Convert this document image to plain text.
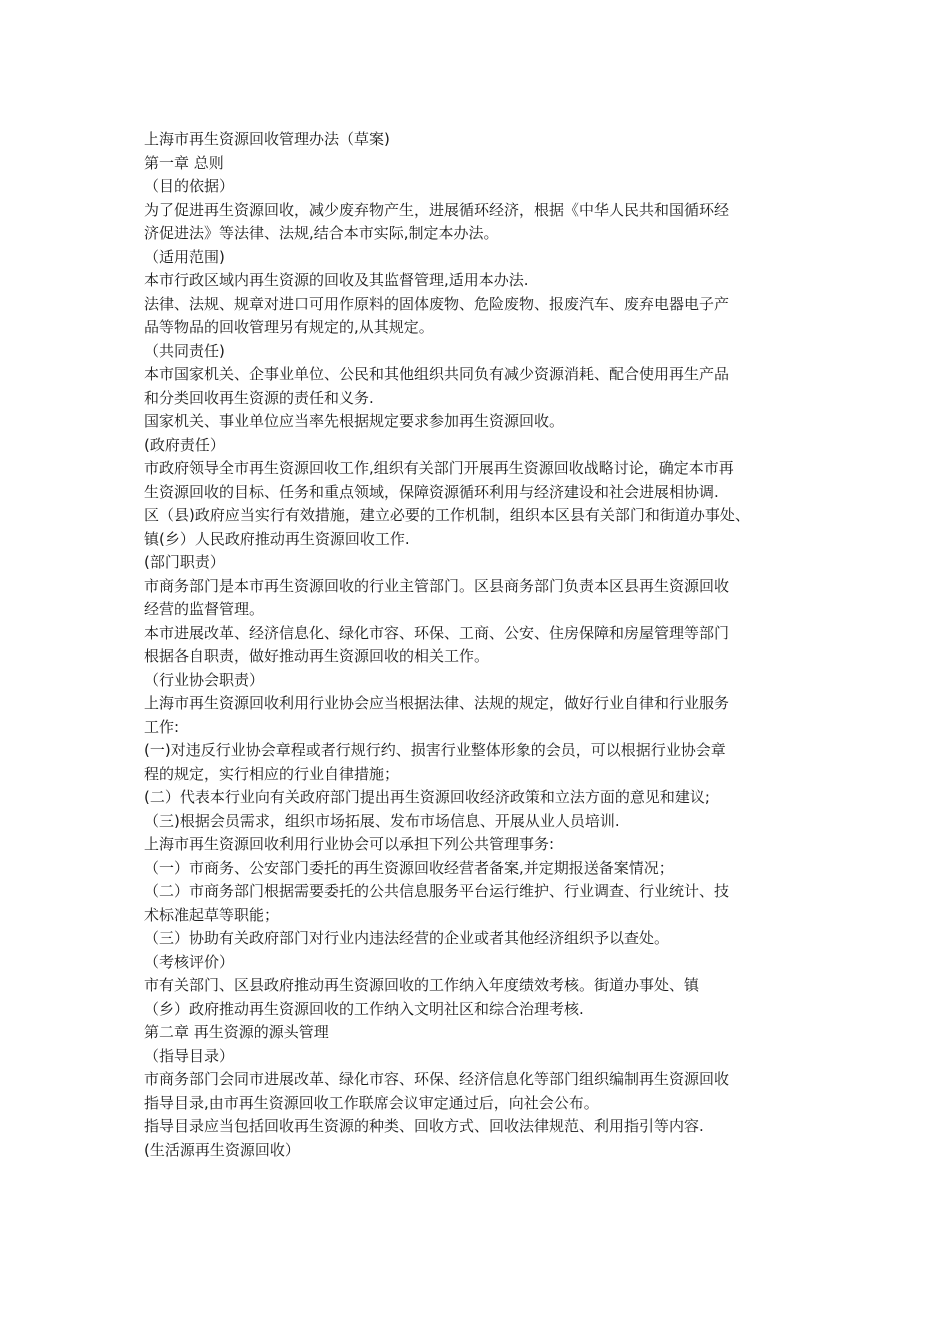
上海市再生资源回收管理办法（草案)

第一章 总则

（目的依据）

为了促进再生资源回收，减少废弃物产生，进展循环经济，根据《中华人民共和国循环经

济促进法》等法律、法规,结合本市实际,制定本办法。

（适用范围)

本市行政区域内再生资源的回收及其监督管理,适用本办法.

法律、法规、规章对进口可用作原料的固体废物、危险废物、报废汽车、废弃电器电子产

品等物品的回收管理另有规定的,从其规定。

（共同责任)

本市国家机关、企事业单位、公民和其他组织共同负有减少资源消耗、配合使用再生产品

和分类回收再生资源的责任和义务.

国家机关、事业单位应当率先根据规定要求参加再生资源回收。

(政府责任）

市政府领导全市再生资源回收工作,组织有关部门开展再生资源回收战略讨论，确定本市再

生资源回收的目标、任务和重点领域，保障资源循环利用与经济建设和社会进展相协调.

区（县)政府应当实行有效措施，建立必要的工作机制，组织本区县有关部门和街道办事处、

镇(乡）人民政府推动再生资源回收工作.

(部门职责）

市商务部门是本市再生资源回收的行业主管部门。区县商务部门负责本区县再生资源回收

经营的监督管理。

本市进展改革、经济信息化、绿化市容、环保、工商、公安、住房保障和房屋管理等部门

根据各自职责，做好推动再生资源回收的相关工作。

（行业协会职责）

上海市再生资源回收利用行业协会应当根据法律、法规的规定，做好行业自律和行业服务

工作:

(一)对违反行业协会章程或者行规行约、损害行业整体形象的会员，可以根据行业协会章

程的规定，实行相应的行业自律措施；

(二）代表本行业向有关政府部门提出再生资源回收经济政策和立法方面的意见和建议;

（三)根据会员需求，组织市场拓展、发布市场信息、开展从业人员培训.

上海市再生资源回收利用行业协会可以承担下列公共管理事务:

（一）市商务、公安部门委托的再生资源回收经营者备案,并定期报送备案情况；

（二）市商务部门根据需要委托的公共信息服务平台运行维护、行业调查、行业统计、技

术标准起草等职能；

（三）协助有关政府部门对行业内违法经营的企业或者其他经济组织予以查处。

（考核评价）

市有关部门、区县政府推动再生资源回收的工作纳入年度绩效考核。街道办事处、镇

（乡）政府推动再生资源回收的工作纳入文明社区和综合治理考核.

第二章 再生资源的源头管理

（指导目录）

市商务部门会同市进展改革、绿化市容、环保、经济信息化等部门组织编制再生资源回收

指导目录,由市再生资源回收工作联席会议审定通过后，向社会公布。

指导目录应当包括回收再生资源的种类、回收方式、回收法律规范、利用指引等内容.

(生活源再生资源回收）
